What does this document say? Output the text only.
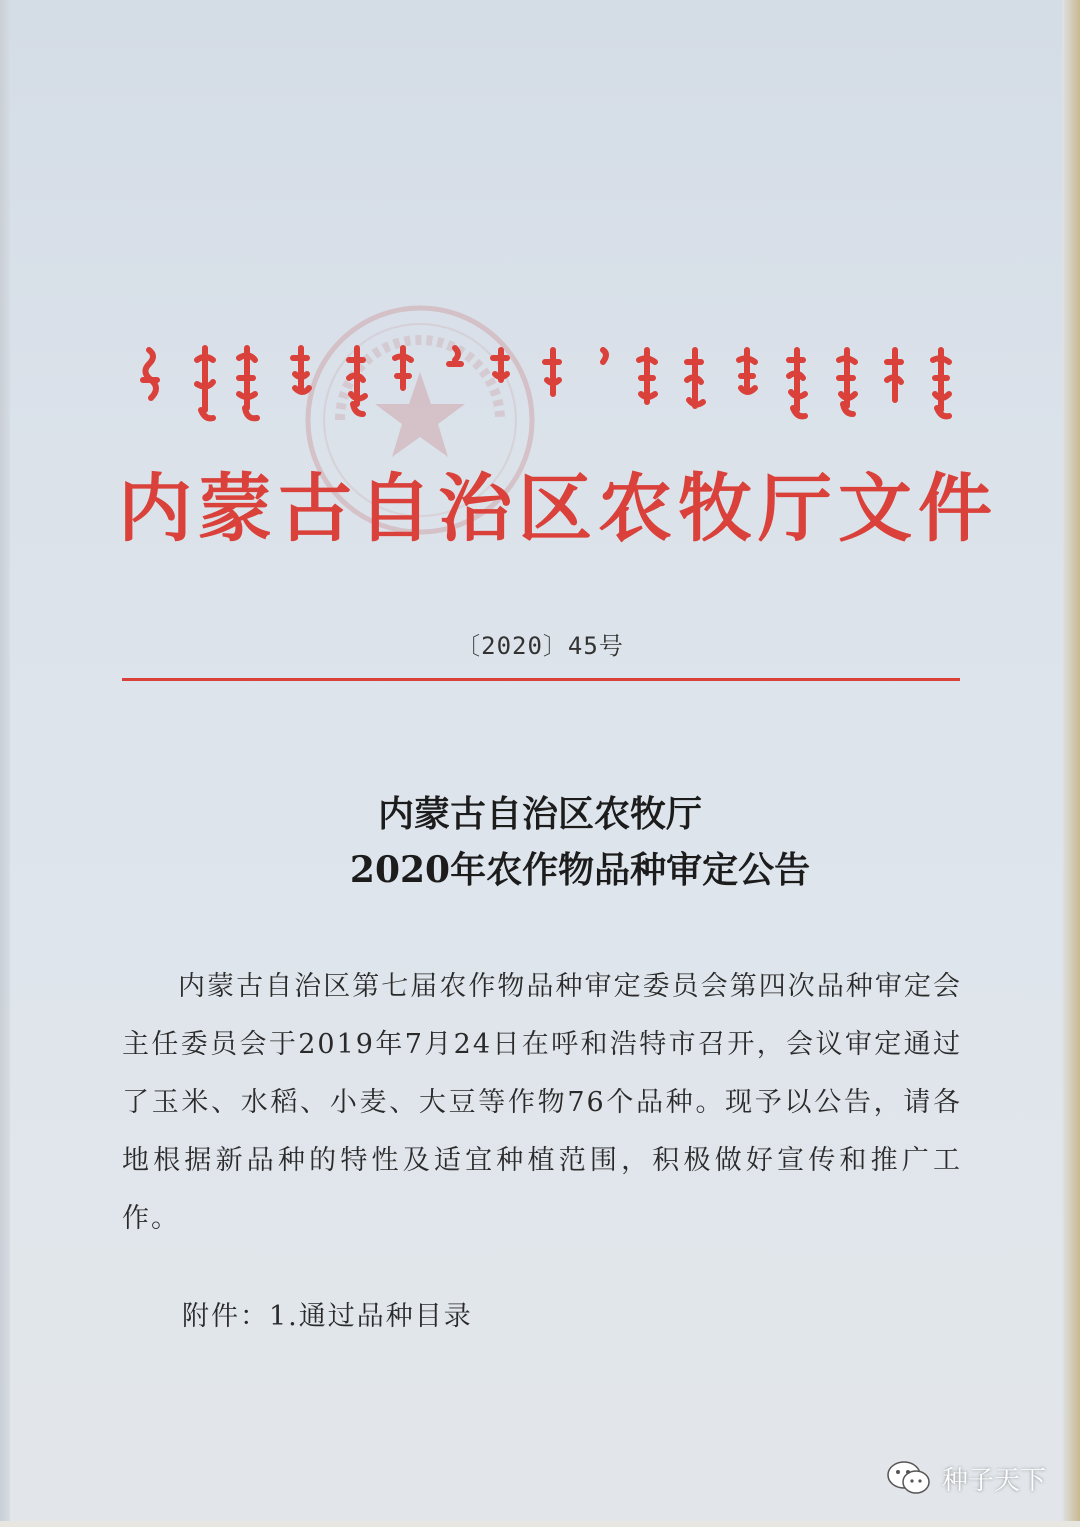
内蒙古自治区农牧厅文件
〔2020〕45号
内蒙古自治区农牧厅
2020年农作物品种审定公告
内蒙古自治区第七届农作物品种审定委员会第四次品种审定会主任委员会于2019年7月24日在呼和浩特市召开，会议审定通过了玉米、水稻、小麦、大豆等作物76个品种。现予以公告，请各地根据新品种的特性及适宜种植范围，积极做好宣传和推广工作。
附件：1.通过品种目录
种子天下
